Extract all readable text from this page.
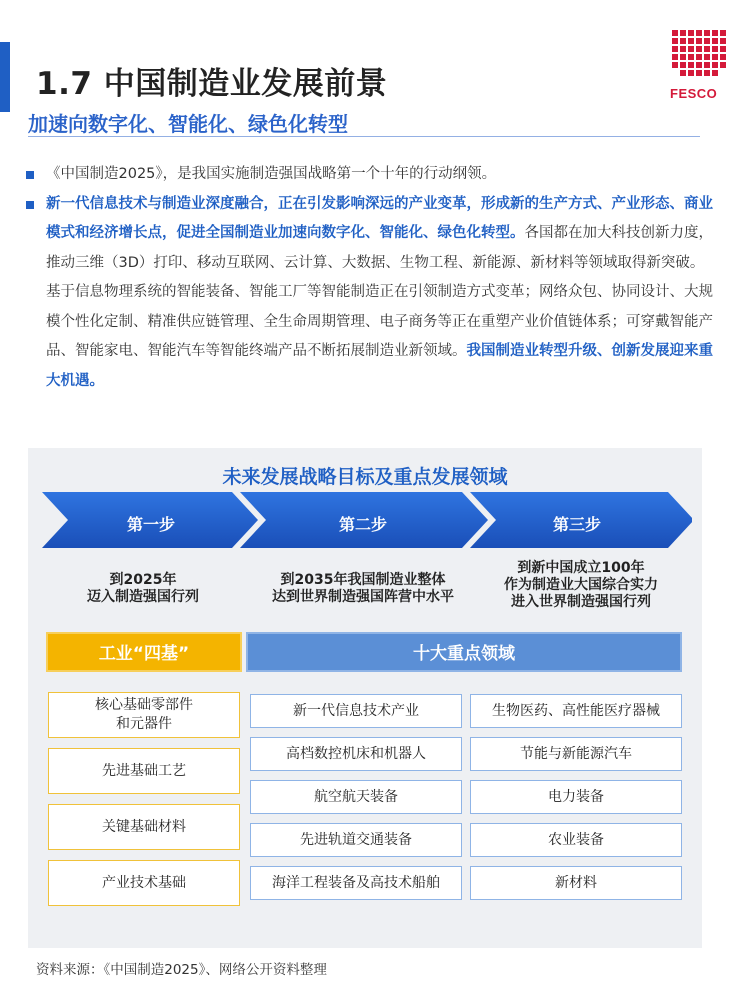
1.7 中国制造业发展前景
加速向数字化、智能化、绿色化转型
FESCO
《中国制造2025》，是我国实施制造强国战略第一个十年的行动纲领。
新一代信息技术与制造业深度融合，正在引发影响深远的产业变革，形成新的生产方式、产业形态、商业模式和经济增长点，促进全国制造业加速向数字化、智能化、绿色化转型。各国都在加大科技创新力度，推动三维（3D）打印、移动互联网、云计算、大数据、生物工程、新能源、新材料等领域取得新突破。基于信息物理系统的智能装备、智能工厂等智能制造正在引领制造方式变革；网络众包、协同设计、大规模个性化定制、精准供应链管理、全生命周期管理、电子商务等正在重塑产业价值链体系；可穿戴智能产品、智能家电、智能汽车等智能终端产品不断拓展制造业新领域。我国制造业转型升级、创新发展迎来重大机遇。
未来发展战略目标及重点发展领域
第一步	第二步	第三步
到2025年
迈入制造强国行列
到2035年我国制造业整体
达到世界制造强国阵营中水平
到新中国成立100年
作为制造业大国综合实力
进入世界制造强国行列
工业“四基”	十大重点领域
核心基础零部件
和元器件
先进基础工艺
关键基础材料
产业技术基础
新一代信息技术产业
高档数控机床和机器人
航空航天装备
先进轨道交通装备
海洋工程装备及高技术船舶
生物医药、高性能医疗器械
节能与新能源汽车
电力装备
农业装备
新材料
资料来源：《中国制造2025》、网络公开资料整理
